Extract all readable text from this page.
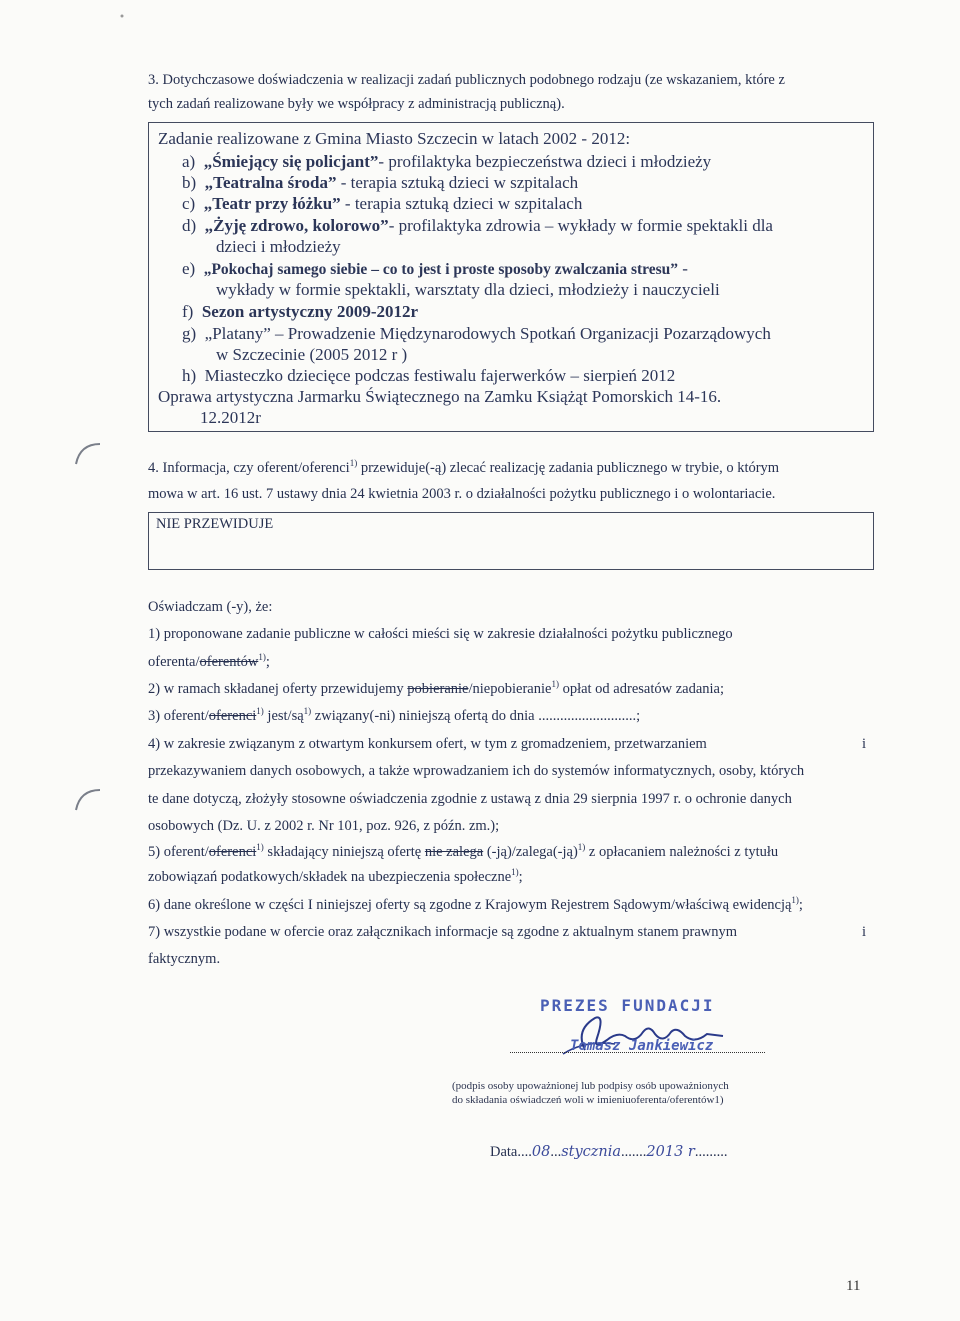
3. Dotychczasowe doświadczenia w realizacji zadań publicznych podobnego rodzaju (ze wskazaniem, które z
tych zadań realizowane były we współpracy z administracją publiczną).
Zadanie realizowane z Gmina Miasto Szczecin w latach 2002 - 2012:
a) „Śmiejący się policjant”- profilaktyka bezpieczeństwa dzieci i młodzieży
b) „Teatralna środa” - terapia sztuką dzieci w szpitalach
c) „Teatr przy łóżku” - terapia sztuką dzieci w szpitalach
d) „Żyję zdrowo, kolorowo”- profilaktyka zdrowia – wykłady w formie spektakli dla
dzieci i młodzieży
e) „Pokochaj samego siebie – co to jest i proste sposoby zwalczania stresu” -
wykłady w formie spektakli, warsztaty dla dzieci, młodzieży i nauczycieli
f) Sezon artystyczny 2009-2012r
g) „Platany” – Prowadzenie Międzynarodowych Spotkań Organizacji Pozarządowych
w Szczecinie (2005 2012 r )
h) Miasteczko dziecięce podczas festiwalu fajerwerków – sierpień 2012
Oprawa artystyczna Jarmarku Świątecznego na Zamku Książąt Pomorskich 14-16.
12.2012r
4. Informacja, czy oferent/oferenci$^{1)}$ przewiduje(-ą) zlecać realizację zadania publicznego w trybie, o którym
mowa w art. 16 ust. 7 ustawy dnia 24 kwietnia 2003 r. o działalności pożytku publicznego i o wolontariacie.
NIE PRZEWIDUJE
Oświadczam (-y), że:
1) proponowane zadanie publiczne w całości mieści się w zakresie działalności pożytku publicznego
oferenta/oferentów$^{1)}$;
2) w ramach składanej oferty przewidujemy pobieranie/niepobieranie$^{1)}$ opłat od adresatów zadania;
3) oferent/oferenci$^{1)}$ jest/$są^{1)}$ związany(-ni) niniejszą ofertą do dnia ...........................;
4) w zakresie związanym z otwartym konkursem ofert, w tym z gromadzeniem, przetwarzaniem	i
przekazywaniem danych osobowych, a także wprowadzaniem ich do systemów informatycznych, osoby, których
te dane dotyczą, złożyły stosowne oświadczenia zgodnie z ustawą z dnia 29 sierpnia 1997 r. o ochronie danych
osobowych (Dz. U. z 2002 r. Nr 101, poz. 926, z późn. zm.);
5) oferent/oferenci$^{1)}$ składający niniejszą ofertę nie zalega (-ją)/zalega(-ją)$^{1)}$ z opłacaniem należności z tytułu
zobowiązań podatkowych/składek na ubezpieczenia społeczne$^{1)}$;
6) dane określone w części I niniejszej oferty są zgodne z Krajowym Rejestrem Sądowym/właściwą ewidencją$^{1)}$;
7) wszystkie podane w ofercie oraz załącznikach informacje są zgodne z aktualnym stanem prawnym	i
faktycznym.
PREZES FUNDACJI
Tomasz Jankiewicz
(podpis osoby upoważnionej lub podpisy osób upoważnionych
do składania oświadczeń woli w imieniuoferenta/oferentów1)
Data....08...stycznia.......2013 r.........
11
